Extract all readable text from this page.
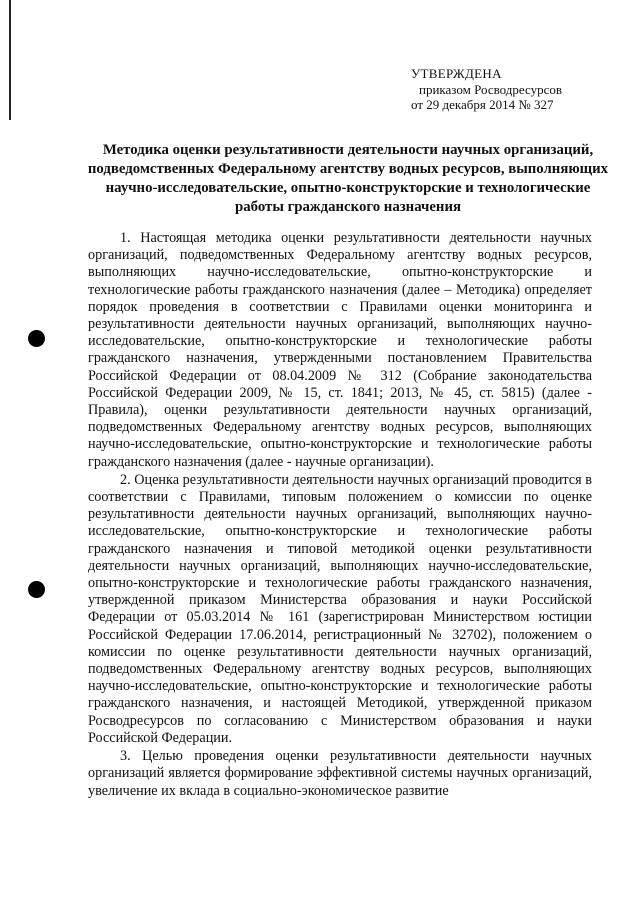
УТВЕРЖДЕНА
приказом Росводресурсов
от 29 декабря 2014 № 327
Методика оценки результативности деятельности научных организаций, подведомственных Федеральному агентству водных ресурсов, выполняющих научно-исследовательские, опытно-конструкторские и технологические работы гражданского назначения

1. Настоящая методика оценки результативности деятельности научных организаций, подведомственных Федеральному агентству водных ресурсов, выполняющих научно-исследовательские, опытно-конструкторские и технологические работы гражданского назначения (далее – Методика) определяет порядок проведения в соответствии с Правилами оценки мониторинга и результативности деятельности научных организаций, выполняющих научно-исследовательские, опытно-конструкторские и технологические работы гражданского назначения, утвержденными постановлением Правительства Российской Федерации от 08.04.2009 № 312 (Собрание законодательства Российской Федерации 2009, № 15, ст. 1841; 2013, № 45, ст. 5815) (далее - Правила), оценки результативности деятельности научных организаций, подведомственных Федеральному агентству водных ресурсов, выполняющих научно-исследовательские, опытно-конструкторские и технологические работы гражданского назначения (далее - научные организации).

2. Оценка результативности деятельности научных организаций проводится в соответствии с Правилами, типовым положением о комиссии по оценке результативности деятельности научных организаций, выполняющих научно-исследовательские, опытно-конструкторские и технологические работы гражданского назначения и типовой методикой оценки результативности деятельности научных организаций, выполняющих научно-исследовательские, опытно-конструкторские и технологические работы гражданского назначения, утвержденной приказом Министерства образования и науки Российской Федерации от 05.03.2014 № 161 (зарегистрирован Министерством юстиции Российской Федерации 17.06.2014, регистрационный № 32702), положением о комиссии по оценке результативности деятельности научных организаций, подведомственных Федеральному агентству водных ресурсов, выполняющих научно-исследовательские, опытно-конструкторские и технологические работы гражданского назначения, и настоящей Методикой, утвержденной приказом Росводресурсов по согласованию с Министерством образования и науки Российской Федерации.

3. Целью проведения оценки результативности деятельности научных организаций является формирование эффективной системы научных организаций, увеличение их вклада в социально-экономическое развитие
